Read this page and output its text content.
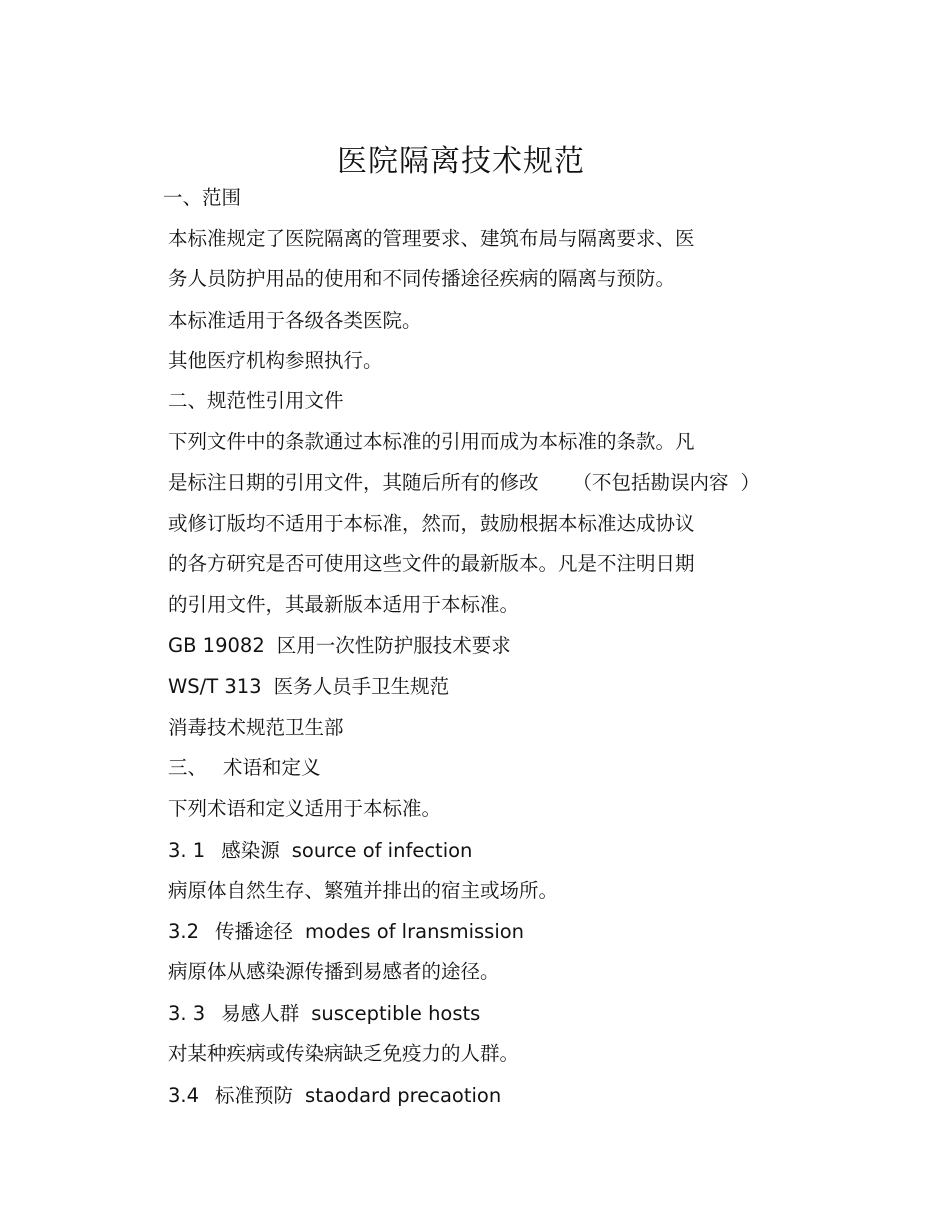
医院隔离技术规范
一、范围
本标准规定了医院隔离的管理要求、建筑布局与隔离要求、医
务人员防护用品的使用和不同传播途径疾病的隔离与预防。
本标准适用于各级各类医院。
其他医疗机构参照执行。
二、规范性引用文件
下列文件中的条款通过本标准的引用而成为本标准的条款。凡
是标注日期的引用文件，其随后所有的修改 （不包括勘误内容 ）
或修订版均不适用于本标准，然而，鼓励根据本标准达成协议
的各方研究是否可使用这些文件的最新版本。凡是不注明日期
的引用文件，其最新版本适用于本标准。
GB 19082 区用一次性防护服技术要求
WS/T 313 医务人员手卫生规范
消毒技术规范卫生部
三、 术语和定义
下列术语和定义适用于本标准。
3. 1 感染源 source of infection
病原体自然生存、繁殖并排出的宿主或场所。
3.2 传播途径 modes of lransmission
病原体从感染源传播到易感者的途径。
3. 3 易感人群 susceptible hosts
对某种疾病或传染病缺乏免疫力的人群。
3.4 标准预防 staodard precaotion
